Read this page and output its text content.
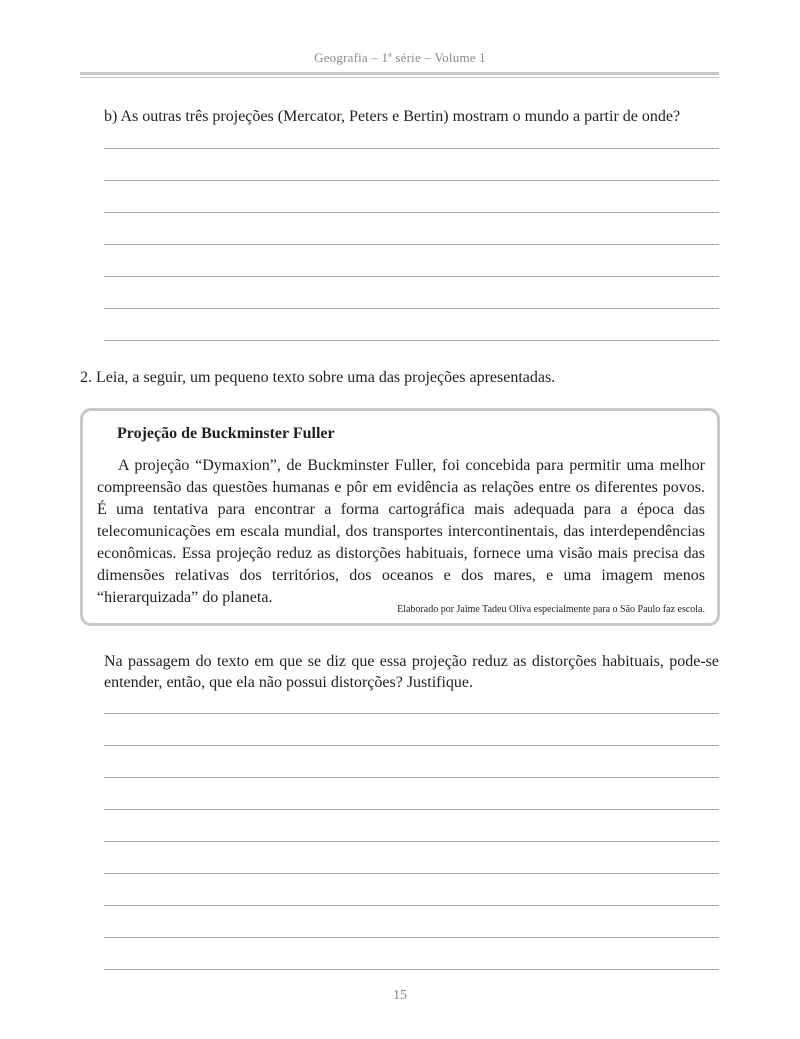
Geografia – 1ª série – Volume 1
b) As outras três projeções (Mercator, Peters e Bertin) mostram o mundo a partir de onde?
2. Leia, a seguir, um pequeno texto sobre uma das projeções apresentadas.
Projeção de Buckminster Fuller

A projeção “Dymaxion”, de Buckminster Fuller, foi concebida para permitir uma melhor compreensão das questões humanas e pôr em evidência as relações entre os diferentes povos. É uma tentativa para encontrar a forma cartográfica mais adequada para a época das telecomunicações em escala mundial, dos transportes intercontinentais, das interdependências econômicas. Essa projeção reduz as distorções habituais, fornece uma visão mais precisa das dimensões relativas dos territórios, dos oceanos e dos mares, e uma imagem menos “hierarquizada” do planeta.

Elaborado por Jaime Tadeu Oliva especialmente para o São Paulo faz escola.
Na passagem do texto em que se diz que essa projeção reduz as distorções habituais, pode-se entender, então, que ela não possui distorções? Justifique.
15
